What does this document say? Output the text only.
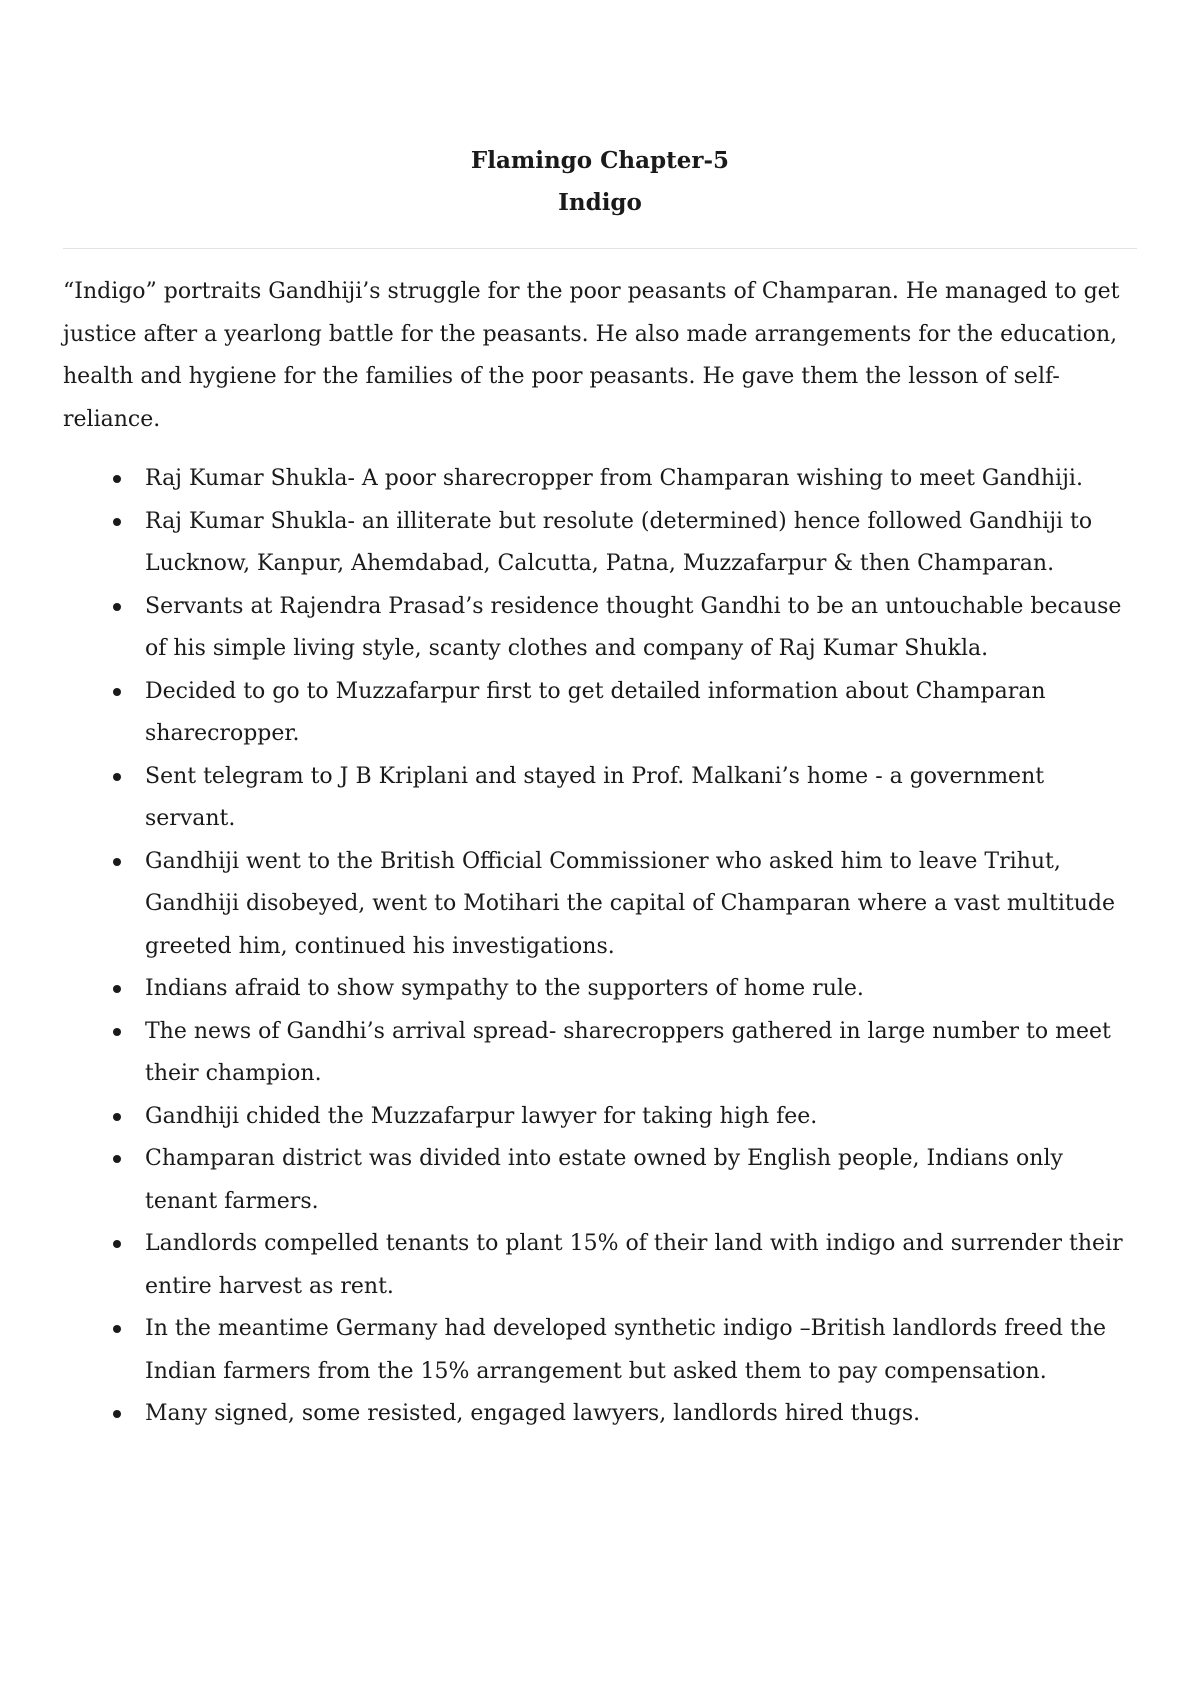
Flamingo Chapter-5
Indigo

“Indigo” portraits Gandhiji’s struggle for the poor peasants of Champaran. He managed to get justice after a yearlong battle for the peasants. He also made arrangements for the education, health and hygiene for the families of the poor peasants. He gave them the lesson of self-reliance.

Raj Kumar Shukla- A poor sharecropper from Champaran wishing to meet Gandhiji.
Raj Kumar Shukla- an illiterate but resolute (determined) hence followed Gandhiji to Lucknow, Kanpur, Ahemdabad, Calcutta, Patna, Muzzafarpur & then Champaran.
Servants at Rajendra Prasad’s residence thought Gandhi to be an untouchable because of his simple living style, scanty clothes and company of Raj Kumar Shukla.
Decided to go to Muzzafarpur first to get detailed information about Champaran sharecropper.
Sent telegram to J B Kriplani and stayed in Prof. Malkani’s home - a government servant.
Gandhiji went to the British Official Commissioner who asked him to leave Trihut, Gandhiji disobeyed, went to Motihari the capital of Champaran where a vast multitude greeted him, continued his investigations.
Indians afraid to show sympathy to the supporters of home rule.
The news of Gandhi’s arrival spread- sharecroppers gathered in large number to meet their champion.
Gandhiji chided the Muzzafarpur lawyer for taking high fee.
Champaran district was divided into estate owned by English people, Indians only tenant farmers.
Landlords compelled tenants to plant 15% of their land with indigo and surrender their entire harvest as rent.
In the meantime Germany had developed synthetic indigo –British landlords freed the Indian farmers from the 15% arrangement but asked them to pay compensation.
Many signed, some resisted, engaged lawyers, landlords hired thugs.
